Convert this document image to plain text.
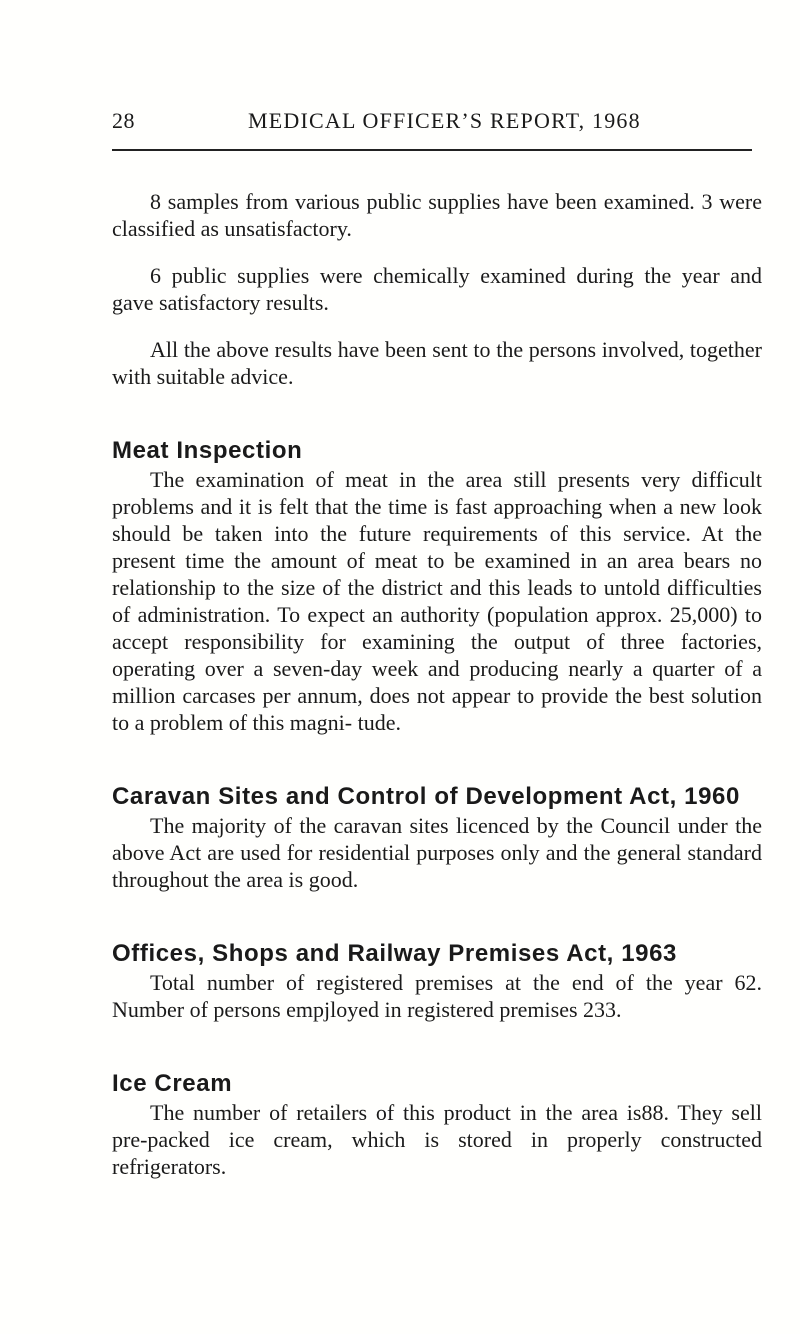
28	MEDICAL OFFICER’S REPORT, 1968

8 samples from various public supplies have been examined. 3 were classified as unsatisfactory.

6 public supplies were chemically examined during the year and gave satisfactory results.

All the above results have been sent to the persons involved, together with suitable advice.

Meat Inspection

The examination of meat in the area still presents very difficult problems and it is felt that the time is fast approaching when a new look should be taken into the future requirements of this service. At the present time the amount of meat to be examined in an area bears no relationship to the size of the district and this leads to untold difficulties of administration. To expect an authority (population approx. 25,000) to accept responsibility for examining the output of three factories, operating over a seven-day week and producing nearly a quarter of a million carcases per annum, does not appear to provide the best solution to a problem of this magni- tude.

Caravan Sites and Control of Development Act, 1960

The majority of the caravan sites licenced by the Council under the above Act are used for residential purposes only and the general standard throughout the area is good.

Offices, Shops and Railway Premises Act, 1963

Total number of registered premises at the end of the year 62. Number of persons empjloyed in registered premises 233.

Ice Cream

The number of retailers of this product in the area is88. They sell pre-packed ice cream, which is stored in properly constructed refrigerators.
